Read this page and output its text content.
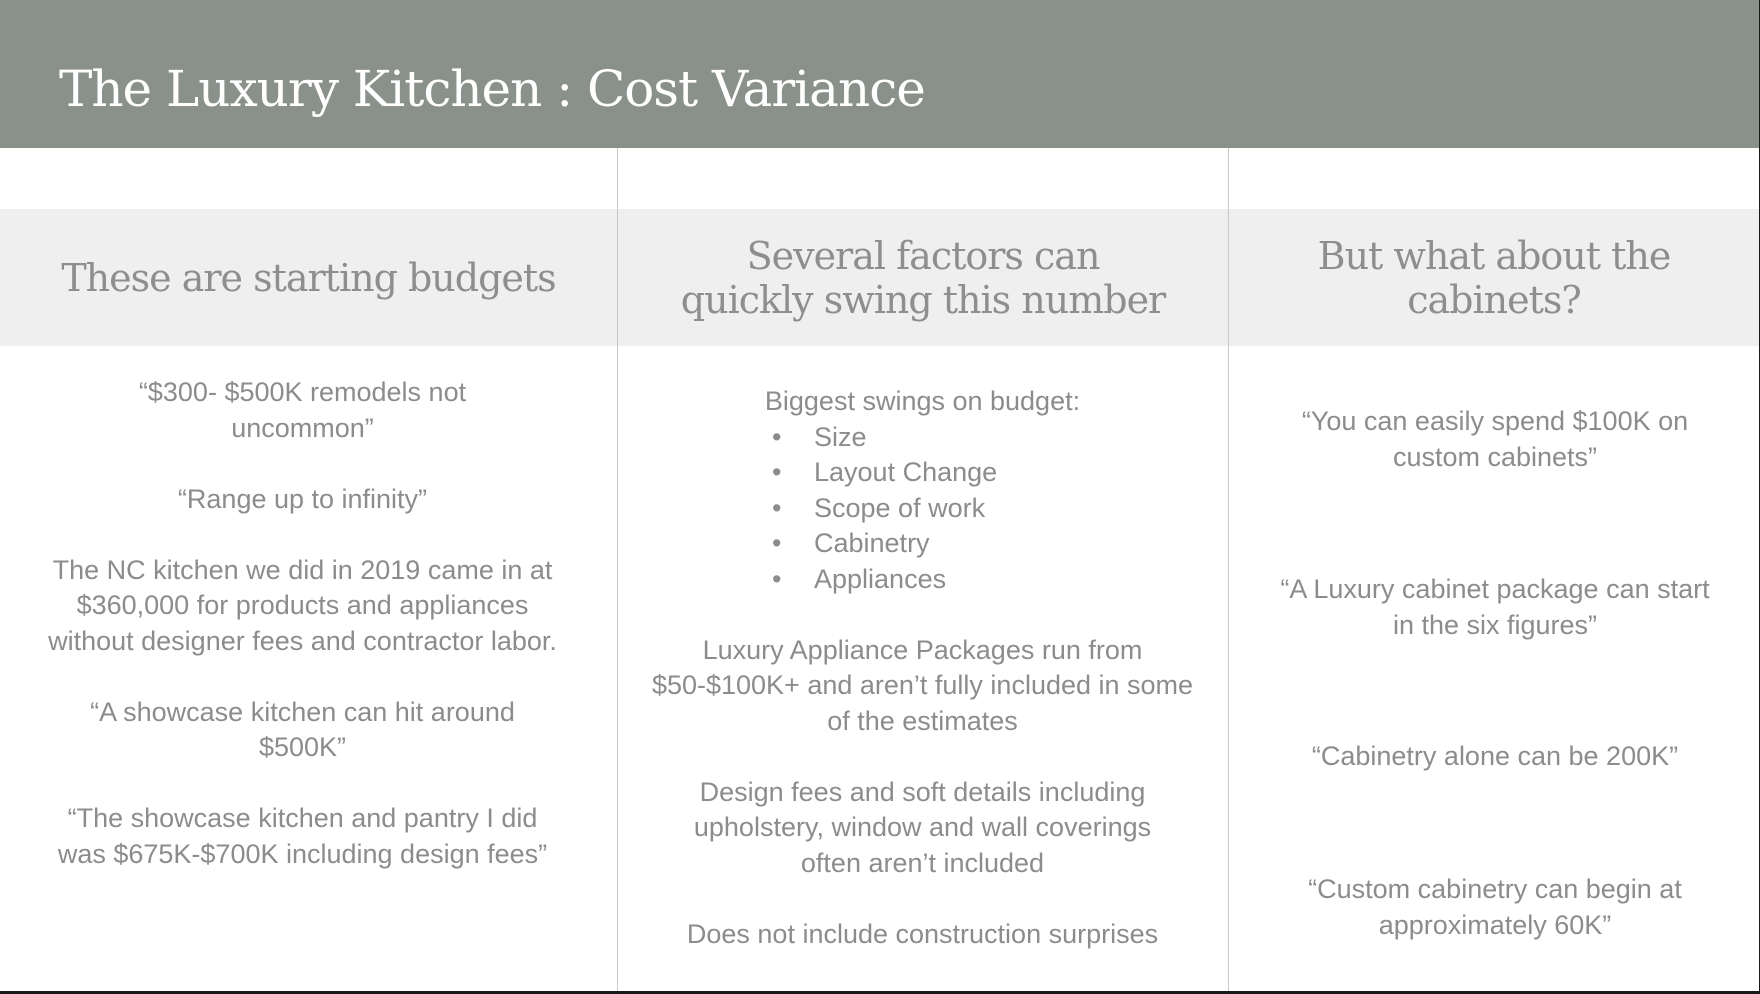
The Luxury Kitchen : Cost Variance
These are starting budgets	Several factors can
quickly swing this number
But what about the cabinets?

“$300- $500K remodels not uncommon”

“Range up to infinity”

The NC kitchen we did in 2019 came in at $360,000 for products and appliances without designer fees and contractor labor.

“A showcase kitchen can hit around $500K”

“The showcase kitchen and pantry I did was $675K-$700K including design fees”

Biggest swings on budget:

• Size
• Layout Change
• Scope of work
• Cabinetry
• Appliances

Luxury Appliance Packages run from $50-$100K+ and aren’t fully included in some of the estimates

Design fees and soft details including upholstery, window and wall coverings often aren’t included

Does not include construction surprises

“You can easily spend $100K on custom cabinets”

“A Luxury cabinet package can start in the six figures”

“Cabinetry alone can be 200K”

“Custom cabinetry can begin at approximately 60K”
